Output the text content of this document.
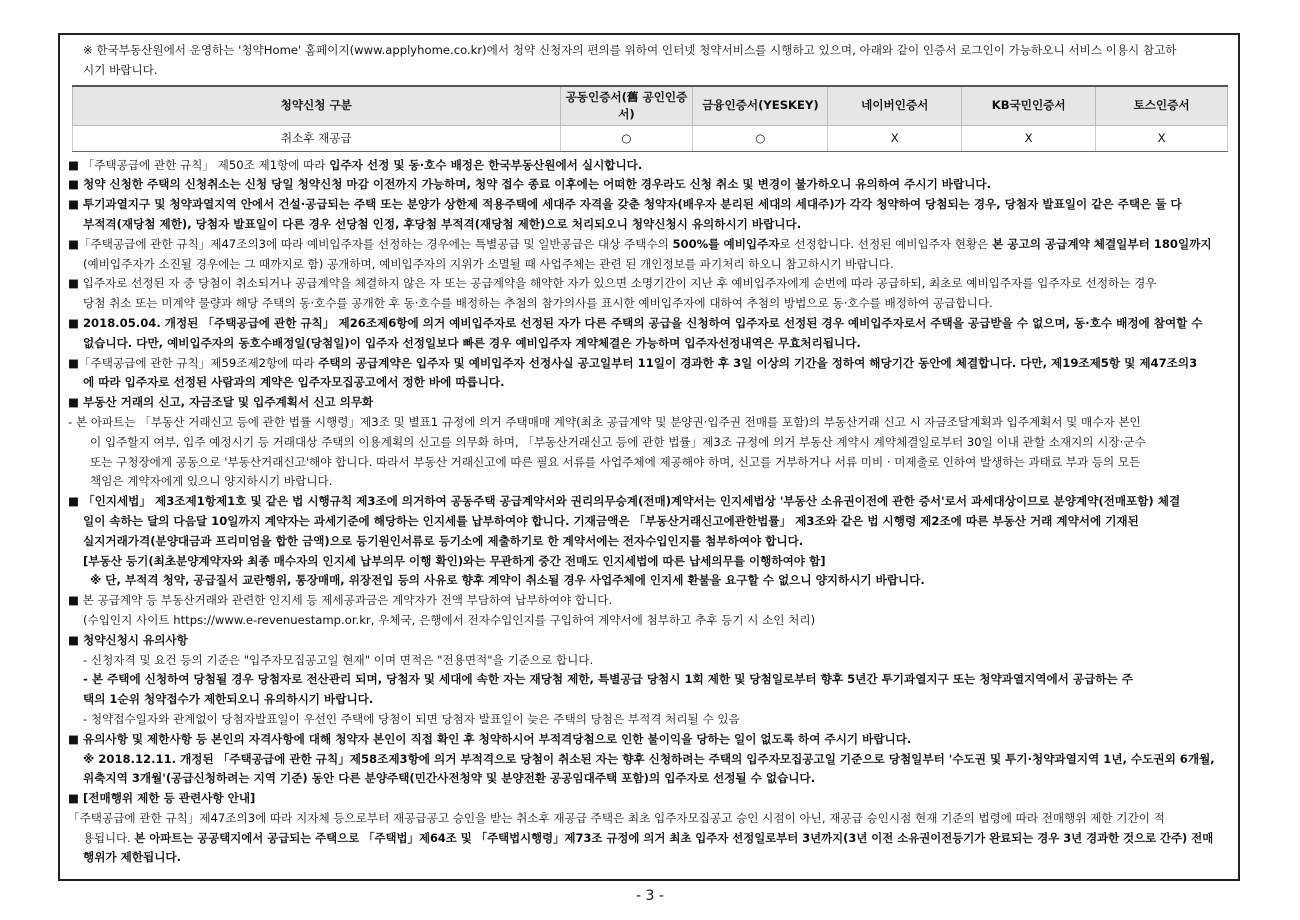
※ 한국부동산원에서 운영하는 '청약Home' 홈페이지(www.applyhome.co.kr)에서 청약 신청자의 편의를 위하여 인터넷 청약서비스를 시행하고 있으며, 아래와 같이 인증서 로그인이 가능하오니 서비스 이용시 참고하

시기 바랍니다.

청약신청 구분	공동인증서(舊 공인인증서)	금융인증서(YESKEY)	네이버인증서	KB국민인증서	토스인증서
취소후 재공급	○	○	X	X	X

■ 「주택공급에 관한 규칙」 제50조 제1항에 따라 입주자 선정 및 동·호수 배정은 한국부동산원에서 실시합니다.

■ 청약 신청한 주택의 신청취소는 신청 당일 청약신청 마감 이전까지 가능하며, 청약 접수 종료 이후에는 어떠한 경우라도 신청 취소 및 변경이 불가하오니 유의하여 주시기 바랍니다.

■ 투기과열지구 및 청약과열지역 안에서 건설·공급되는 주택 또는 분양가 상한제 적용주택에 세대주 자격을 갖춘 청약자(배우자 분리된 세대의 세대주)가 각각 청약하여 당첨되는 경우, 당첨자 발표일이 같은 주택은 둘 다

부적격(재당첨 제한), 당첨자 발표일이 다른 경우 선당첨 인정, 후당첨 부적격(재당첨 제한)으로 처리되오니 청약신청시 유의하시기 바랍니다.

■「주택공급에 관한 규칙」제47조의3에 따라 예비입주자를 선정하는 경우에는 특별공급 및 일반공급은 대상 주택수의 500%를 예비입주자로 선정합니다. 선정된 예비입주자 현황은 본 공고의 공급계약 체결일부터 180일까지

(예비입주자가 소진될 경우에는 그 때까지로 함) 공개하며, 예비입주자의 지위가 소멸될 때 사업주체는 관련 된 개인정보를 파기처리 하오니 참고하시기 바랍니다.

■ 입주자로 선정된 자 중 당첨이 취소되거나 공급계약을 체결하지 않은 자 또는 공급계약을 해약한 자가 있으면 소명기간이 지난 후 예비입주자에게 순번에 따라 공급하되, 최초로 예비입주자를 입주자로 선정하는 경우

당첨 취소 또는 미계약 물량과 해당 주택의 동·호수를 공개한 후 동·호수를 배정하는 추첨의 참가의사를 표시한 예비입주자에 대하여 추첨의 방법으로 동·호수를 배정하여 공급합니다.

■ 2018.05.04. 개정된 「주택공급에 관한 규칙」 제26조제6항에 의거 예비입주자로 선정된 자가 다른 주택의 공급을 신청하여 입주자로 선정된 경우 예비입주자로서 주택을 공급받을 수 없으며, 동·호수 배정에 참여할 수

없습니다. 다만, 예비입주자의 동호수배정일(당첨일)이 입주자 선정일보다 빠른 경우 예비입주자 계약체결은 가능하며 입주자선정내역은 무효처리됩니다.

■「주택공급에 관한 규칙」제59조제2항에 따라 주택의 공급계약은 입주자 및 예비입주자 선정사실 공고일부터 11일이 경과한 후 3일 이상의 기간을 정하여 해당기간 동안에 체결합니다. 다만, 제19조제5항 및 제47조의3

에 따라 입주자로 선정된 사람과의 계약은 입주자모집공고에서 정한 바에 따릅니다.

■ 부동산 거래의 신고, 자금조달 및 입주계획서 신고 의무화

- 본 아파트는 「부동산 거래신고 등에 관한 법률 시행령」제3조 및 별표1 규정에 의거 주택매매 계약(최초 공급계약 및 분양권·입주권 전매를 포함)의 부동산거래 신고 시 자금조달계획과 입주계획서 및 매수자 본인

이 입주할지 여부, 입주 예정시기 등 거래대상 주택의 이용계획의 신고를 의무화 하며, 「부동산거래신고 등에 관한 법률」제3조 규정에 의거 부동산 계약시 계약체결일로부터 30일 이내 관할 소재지의 시장·군수

또는 구청장에게 공동으로 '부동산거래신고'해야 합니다. 따라서 부동산 거래신고에 따른 필요 서류를 사업주체에 제공해야 하며, 신고를 거부하거나 서류 미비 · 미제출로 인하여 발생하는 과태료 부과 등의 모든

책임은 계약자에게 있으니 양지하시기 바랍니다.

■ 「인지세법」 제3조제1항제1호 및 같은 법 시행규칙 제3조에 의거하여 공동주택 공급계약서와 권리의무승계(전매)계약서는 인지세법상 '부동산 소유권이전에 관한 증서'로서 과세대상이므로 분양계약(전매포함) 체결

일이 속하는 달의 다음달 10일까지 계약자는 과세기준에 해당하는 인지세를 납부하여야 합니다. 기재금액은 「부동산거래신고에관한법률」 제3조와 같은 법 시행령 제2조에 따른 부동산 거래 계약서에 기재된

실지거래가격(분양대금과 프리미엄을 합한 금액)으로 등기원인서류로 등기소에 제출하기로 한 계약서에는 전자수입인지를 첨부하여야 합니다.

[부동산 등기(최초분양계약자와 최종 매수자의 인지세 납부의무 이행 확인)와는 무관하게 중간 전매도 인지세법에 따른 납세의무를 이행하여야 함]

※ 단, 부적격 청약, 공급질서 교란행위, 통장매매, 위장전입 등의 사유로 향후 계약이 취소될 경우 사업주체에 인지세 환불을 요구할 수 없으니 양지하시기 바랍니다.

■ 본 공급계약 등 부동산거래와 관련한 인지세 등 제세공과금은 계약자가 전액 부담하여 납부하여야 합니다.

(수입인지 사이트 https://www.e-revenuestamp.or.kr, 우체국, 은행에서 전자수입인지를 구입하여 계약서에 첨부하고 추후 등기 시 소인 처리)

■ 청약신청시 유의사항

- 신청자격 및 요건 등의 기준은 "입주자모집공고일 현재" 이며 면적은 "전용면적"을 기준으로 합니다.

- 본 주택에 신청하여 당첨될 경우 당첨자로 전산관리 되며, 당첨자 및 세대에 속한 자는 재당첨 제한, 특별공급 당첨시 1회 제한 및 당첨일로부터 향후 5년간 투기과열지구 또는 청약과열지역에서 공급하는 주

택의 1순위 청약접수가 제한되오니 유의하시기 바랍니다.

- 청약접수일자와 관계없이 당첨자발표일이 우선인 주택에 당첨이 되면 당첨자 발표일이 늦은 주택의 당첨은 부적격 처리될 수 있음

■ 유의사항 및 제한사항 등 본인의 자격사항에 대해 청약자 본인이 직접 확인 후 청약하시어 부적격당첨으로 인한 불이익을 당하는 일이 없도록 하여 주시기 바랍니다.

※ 2018.12.11. 개정된 「주택공급에 관한 규칙」제58조제3항에 의거 부적격으로 당첨이 취소된 자는 향후 신청하려는 주택의 입주자모집공고일 기준으로 당첨일부터 '수도권 및 투기·청약과열지역 1년, 수도권외 6개월,

위축지역 3개월'(공급신청하려는 지역 기준) 동안 다른 분양주택(민간사전청약 및 분양전환 공공임대주택 포함)의 입주자로 선정될 수 없습니다.

■ [전매행위 제한 등 관련사항 안내]

「주택공급에 관한 규칙」제47조의3에 따라 지자체 등으로부터 재공급공고 승인을 받는 취소후 재공급 주택은 최초 입주자모집공고 승인 시점이 아닌, 재공급 승인시점 현재 기준의 법령에 따라 전매행위 제한 기간이 적

용됩니다. 본 아파트는 공공택지에서 공급되는 주택으로 「주택법」제64조 및 「주택법시행령」제73조 규정에 의거 최초 입주자 선정일로부터 3년까지(3년 이전 소유권이전등기가 완료되는 경우 3년 경과한 것으로 간주) 전매

행위가 제한됩니다.

- 3 -
